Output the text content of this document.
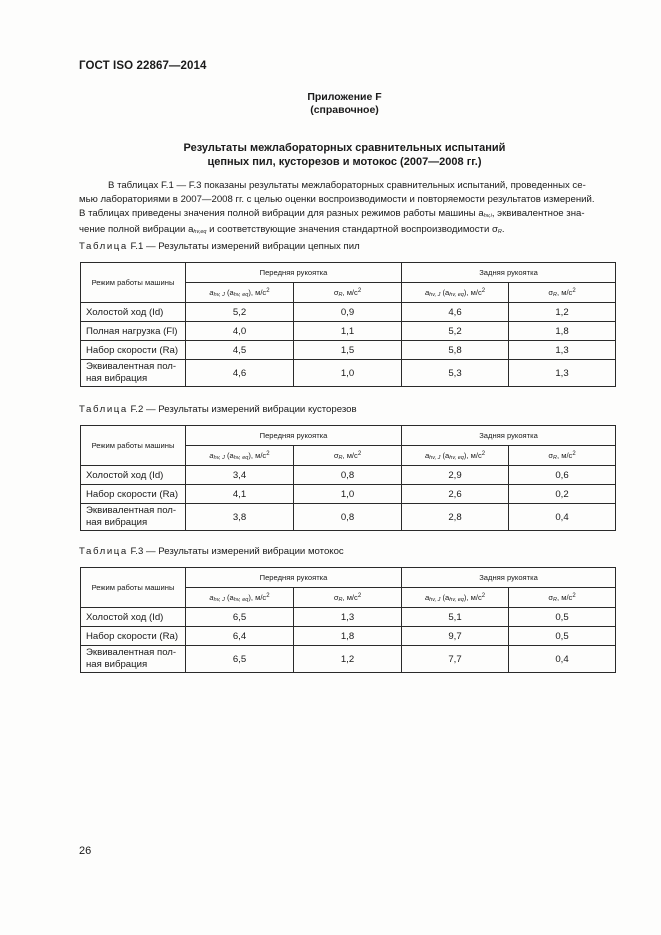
ГОСТ ISO 22867—2014
Приложение F
(справочное)
Результаты межлабораторных сравнительных испытаний
цепных пил, кусторезов и мотокос (2007—2008 гг.)
В таблицах F.1 — F.3 показаны результаты межлабораторных сравнительных испытаний, проведенных се-
мью лабораториями в 2007—2008 гг. с целью оценки воспроизводимости и повторяемости результатов измерений.
В таблицах приведены значения полной вибрации для разных режимов работы машины ahv,i, эквивалентное зна-
чение полной вибрации ahv,eq и соответствующие значения стандартной воспроизводимости σR.
Таблица F.1 — Результаты измерений вибрации цепных пил
Режим работы машины	Передняя рукоятка		Задняя рукоятка	
	ahv, J (ahv, eq), $м/с^2$	σR, $м/с^2$	ahv, J (ahv, eq), $м/с^2$	σR, $м/с^2$
Холостой ход (Id)	5,2	0,9	4,6	1,2
Полная нагрузка (Fl)	4,0	1,1	5,2	1,8
Набор скорости (Ra)	4,5	1,5	5,8	1,3
Эквивалентная пол-
ная вибрация	4,6	1,0	5,3	1,3
Таблица F.2 — Результаты измерений вибрации кусторезов
Режим работы машины	Передняя рукоятка		Задняя рукоятка	
	ahv, J (ahv, eq), $м/с^2$	σR, $м/с^2$	ahv, J (ahv, eq), $м/с^2$	σR, $м/с^2$
Холостой ход (Id)	3,4	0,8	2,9	0,6
Набор скорости (Ra)	4,1	1,0	2,6	0,2
Эквивалентная пол-
ная вибрация	3,8	0,8	2,8	0,4
Таблица F.3 — Результаты измерений вибрации мотокос
Режим работы машины	Передняя рукоятка		Задняя рукоятка	
	ahv, J (ahv, eq), $м/с^2$	σR, $м/с^2$	ahv, J (ahv, eq), $м/с^2$	σR, $м/с^2$
Холостой ход (Id)	6,5	1,3	5,1	0,5
Набор скорости (Ra)	6,4	1,8	9,7	0,5
Эквивалентная пол-
ная вибрация	6,5	1,2	7,7	0,4
26
